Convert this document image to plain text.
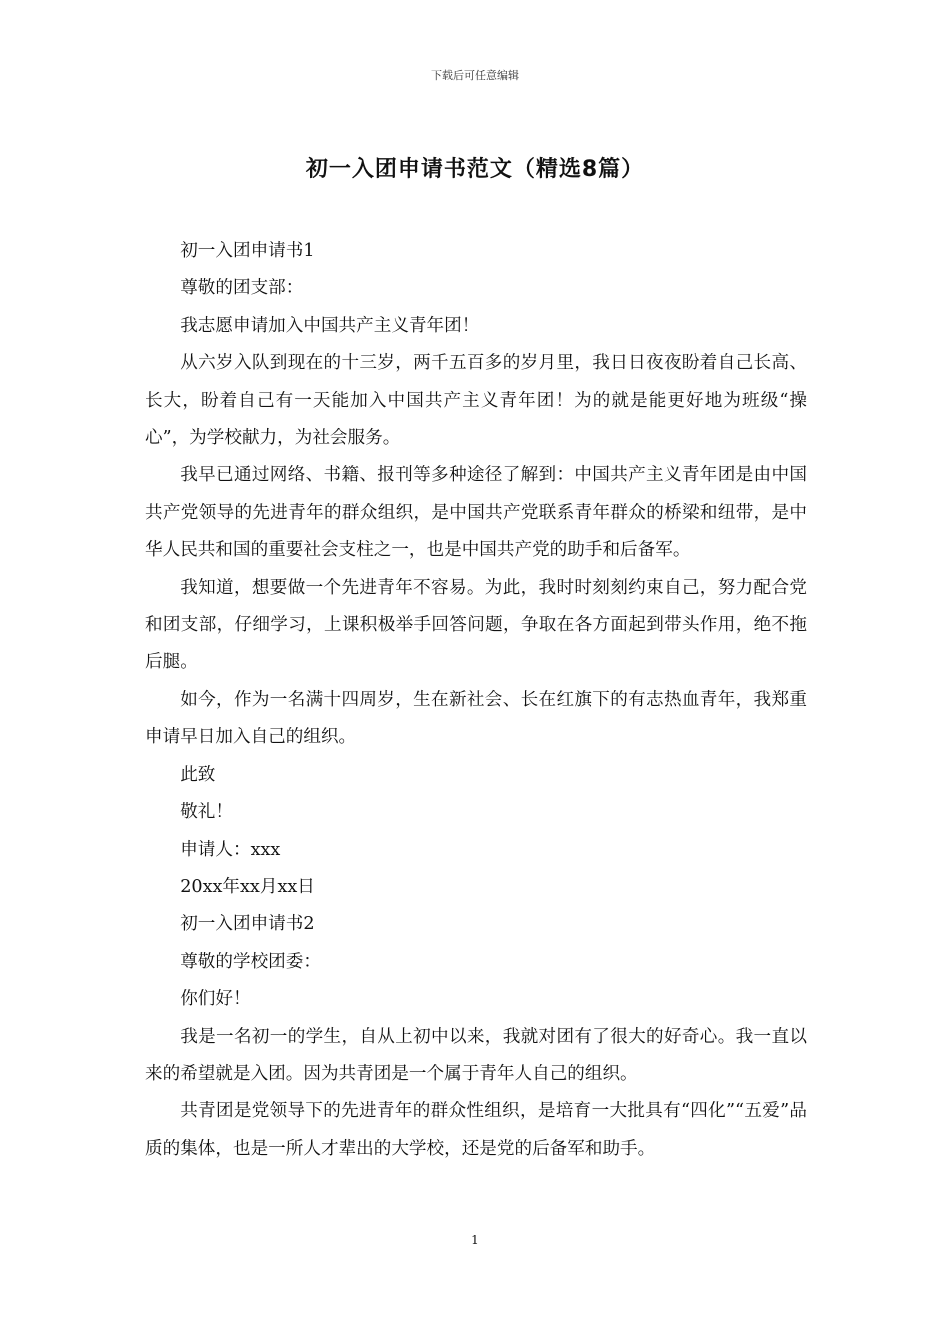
下载后可任意编辑
初一入团申请书范文（精选8篇）

初一入团申请书1

尊敬的团支部：

我志愿申请加入中国共产主义青年团！

从六岁入队到现在的十三岁，两千五百多的岁月里，我日日夜夜盼着自己长高、长大，盼着自己有一天能加入中国共产主义青年团！为的就是能更好地为班级“操心”，为学校献力，为社会服务。

我早已通过网络、书籍、报刊等多种途径了解到：中国共产主义青年团是由中国共产党领导的先进青年的群众组织，是中国共产党联系青年群众的桥梁和纽带，是中华人民共和国的重要社会支柱之一，也是中国共产党的助手和后备军。

我知道，想要做一个先进青年不容易。为此，我时时刻刻约束自己，努力配合党和团支部，仔细学习，上课积极举手回答问题，争取在各方面起到带头作用，绝不拖后腿。

如今，作为一名满十四周岁，生在新社会、长在红旗下的有志热血青年，我郑重申请早日加入自己的组织。

此致

敬礼！

申请人：xxx

20xx年xx月xx日

初一入团申请书2

尊敬的学校团委：

你们好！

我是一名初一的学生，自从上初中以来，我就对团有了很大的好奇心。我一直以来的希望就是入团。因为共青团是一个属于青年人自己的组织。

共青团是党领导下的先进青年的群众性组织，是培育一大批具有“四化”“五爱”品质的集体，也是一所人才辈出的大学校，还是党的后备军和助手。

1
